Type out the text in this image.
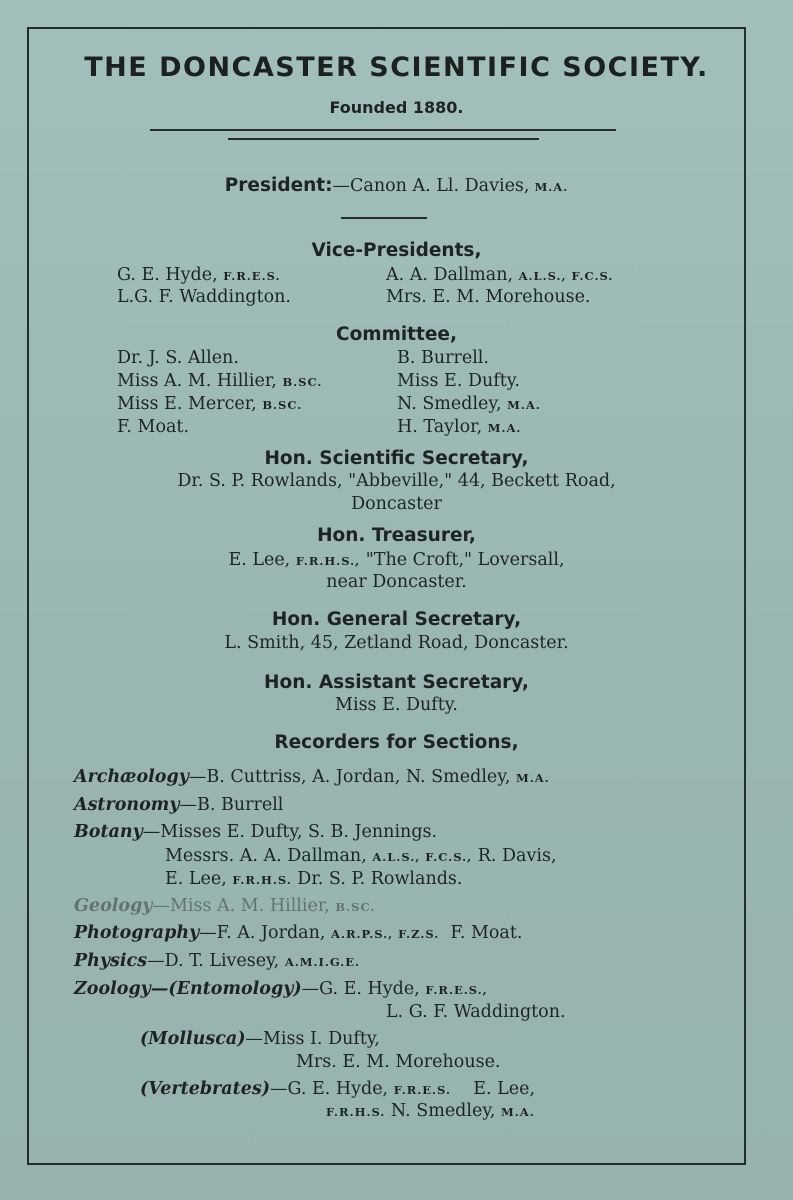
THE DONCASTER SCIENTIFIC SOCIETY.
Founded 1880.
President:—Canon A. Ll. Davies, M.A.
Vice-Presidents,
G. E. Hyde, F.R.E.S.	A. A. Dallman, A.L.S., F.C.S.
L.G. F. Waddington.	Mrs. E. M. Morehouse.
Committee,
Dr. J. S. Allen.	B. Burrell.
Miss A. M. Hillier, B.SC.	Miss E. Dufty.
Miss E. Mercer, B.SC.	N. Smedley, M.A.
F. Moat.	H. Taylor, M.A.
Hon. Scientific Secretary,
Dr. S. P. Rowlands, "Abbeville," 44, Beckett Road,
Doncaster
Hon. Treasurer,
E. Lee, F.R.H.S., "The Croft," Loversall,
near Doncaster.
Hon. General Secretary,
L. Smith, 45, Zetland Road, Doncaster.
Hon. Assistant Secretary,
Miss E. Dufty.
Recorders for Sections,
Archæology—B. Cuttriss, A. Jordan, N. Smedley, M.A.
Astronomy—B. Burrell
Botany—Misses E. Dufty, S. B. Jennings.
Messrs. A. A. Dallman, A.L.S., F.C.S., R. Davis,
E. Lee, F.R.H.S. Dr. S. P. Rowlands.
Geology—Miss A. M. Hillier, B.SC.
Photography—F. A. Jordan, A.R.P.S., F.Z.S. F. Moat.
Physics—D. T. Livesey, A.M.I.G.E.
Zoology—(Entomology)—G. E. Hyde, F.R.E.S.,
L. G. F. Waddington.
(Mollusca)—Miss I. Dufty,
Mrs. E. M. Morehouse.
(Vertebrates)—G. E. Hyde, F.R.E.S. E. Lee,
F.R.H.S. N. Smedley, M.A.
